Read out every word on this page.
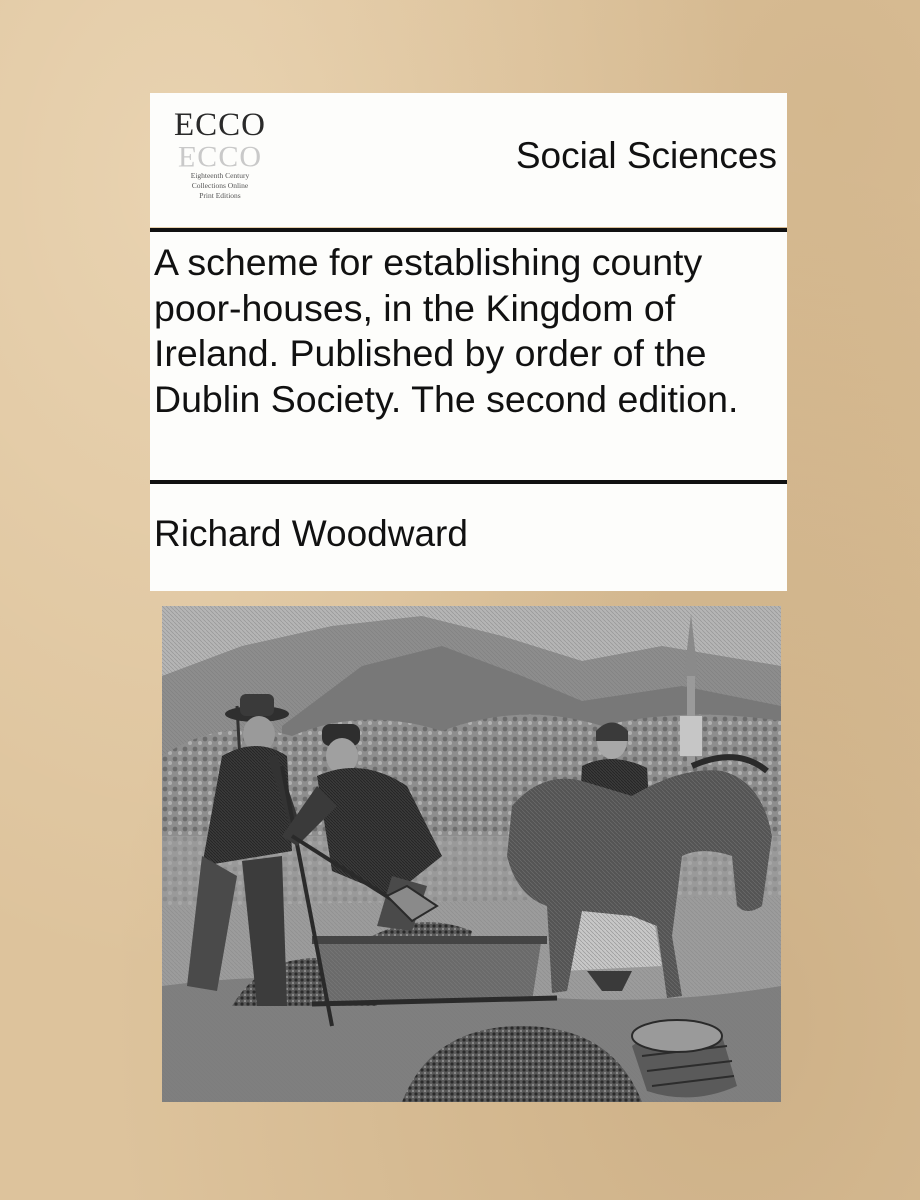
ECCO
ECCO
Eighteenth Century
Collections Online
Print Editions
Social Sciences
A scheme for establishing county poor-houses, in the Kingdom of Ireland. Published by order of the Dublin Society. The second edition.
Richard Woodward
